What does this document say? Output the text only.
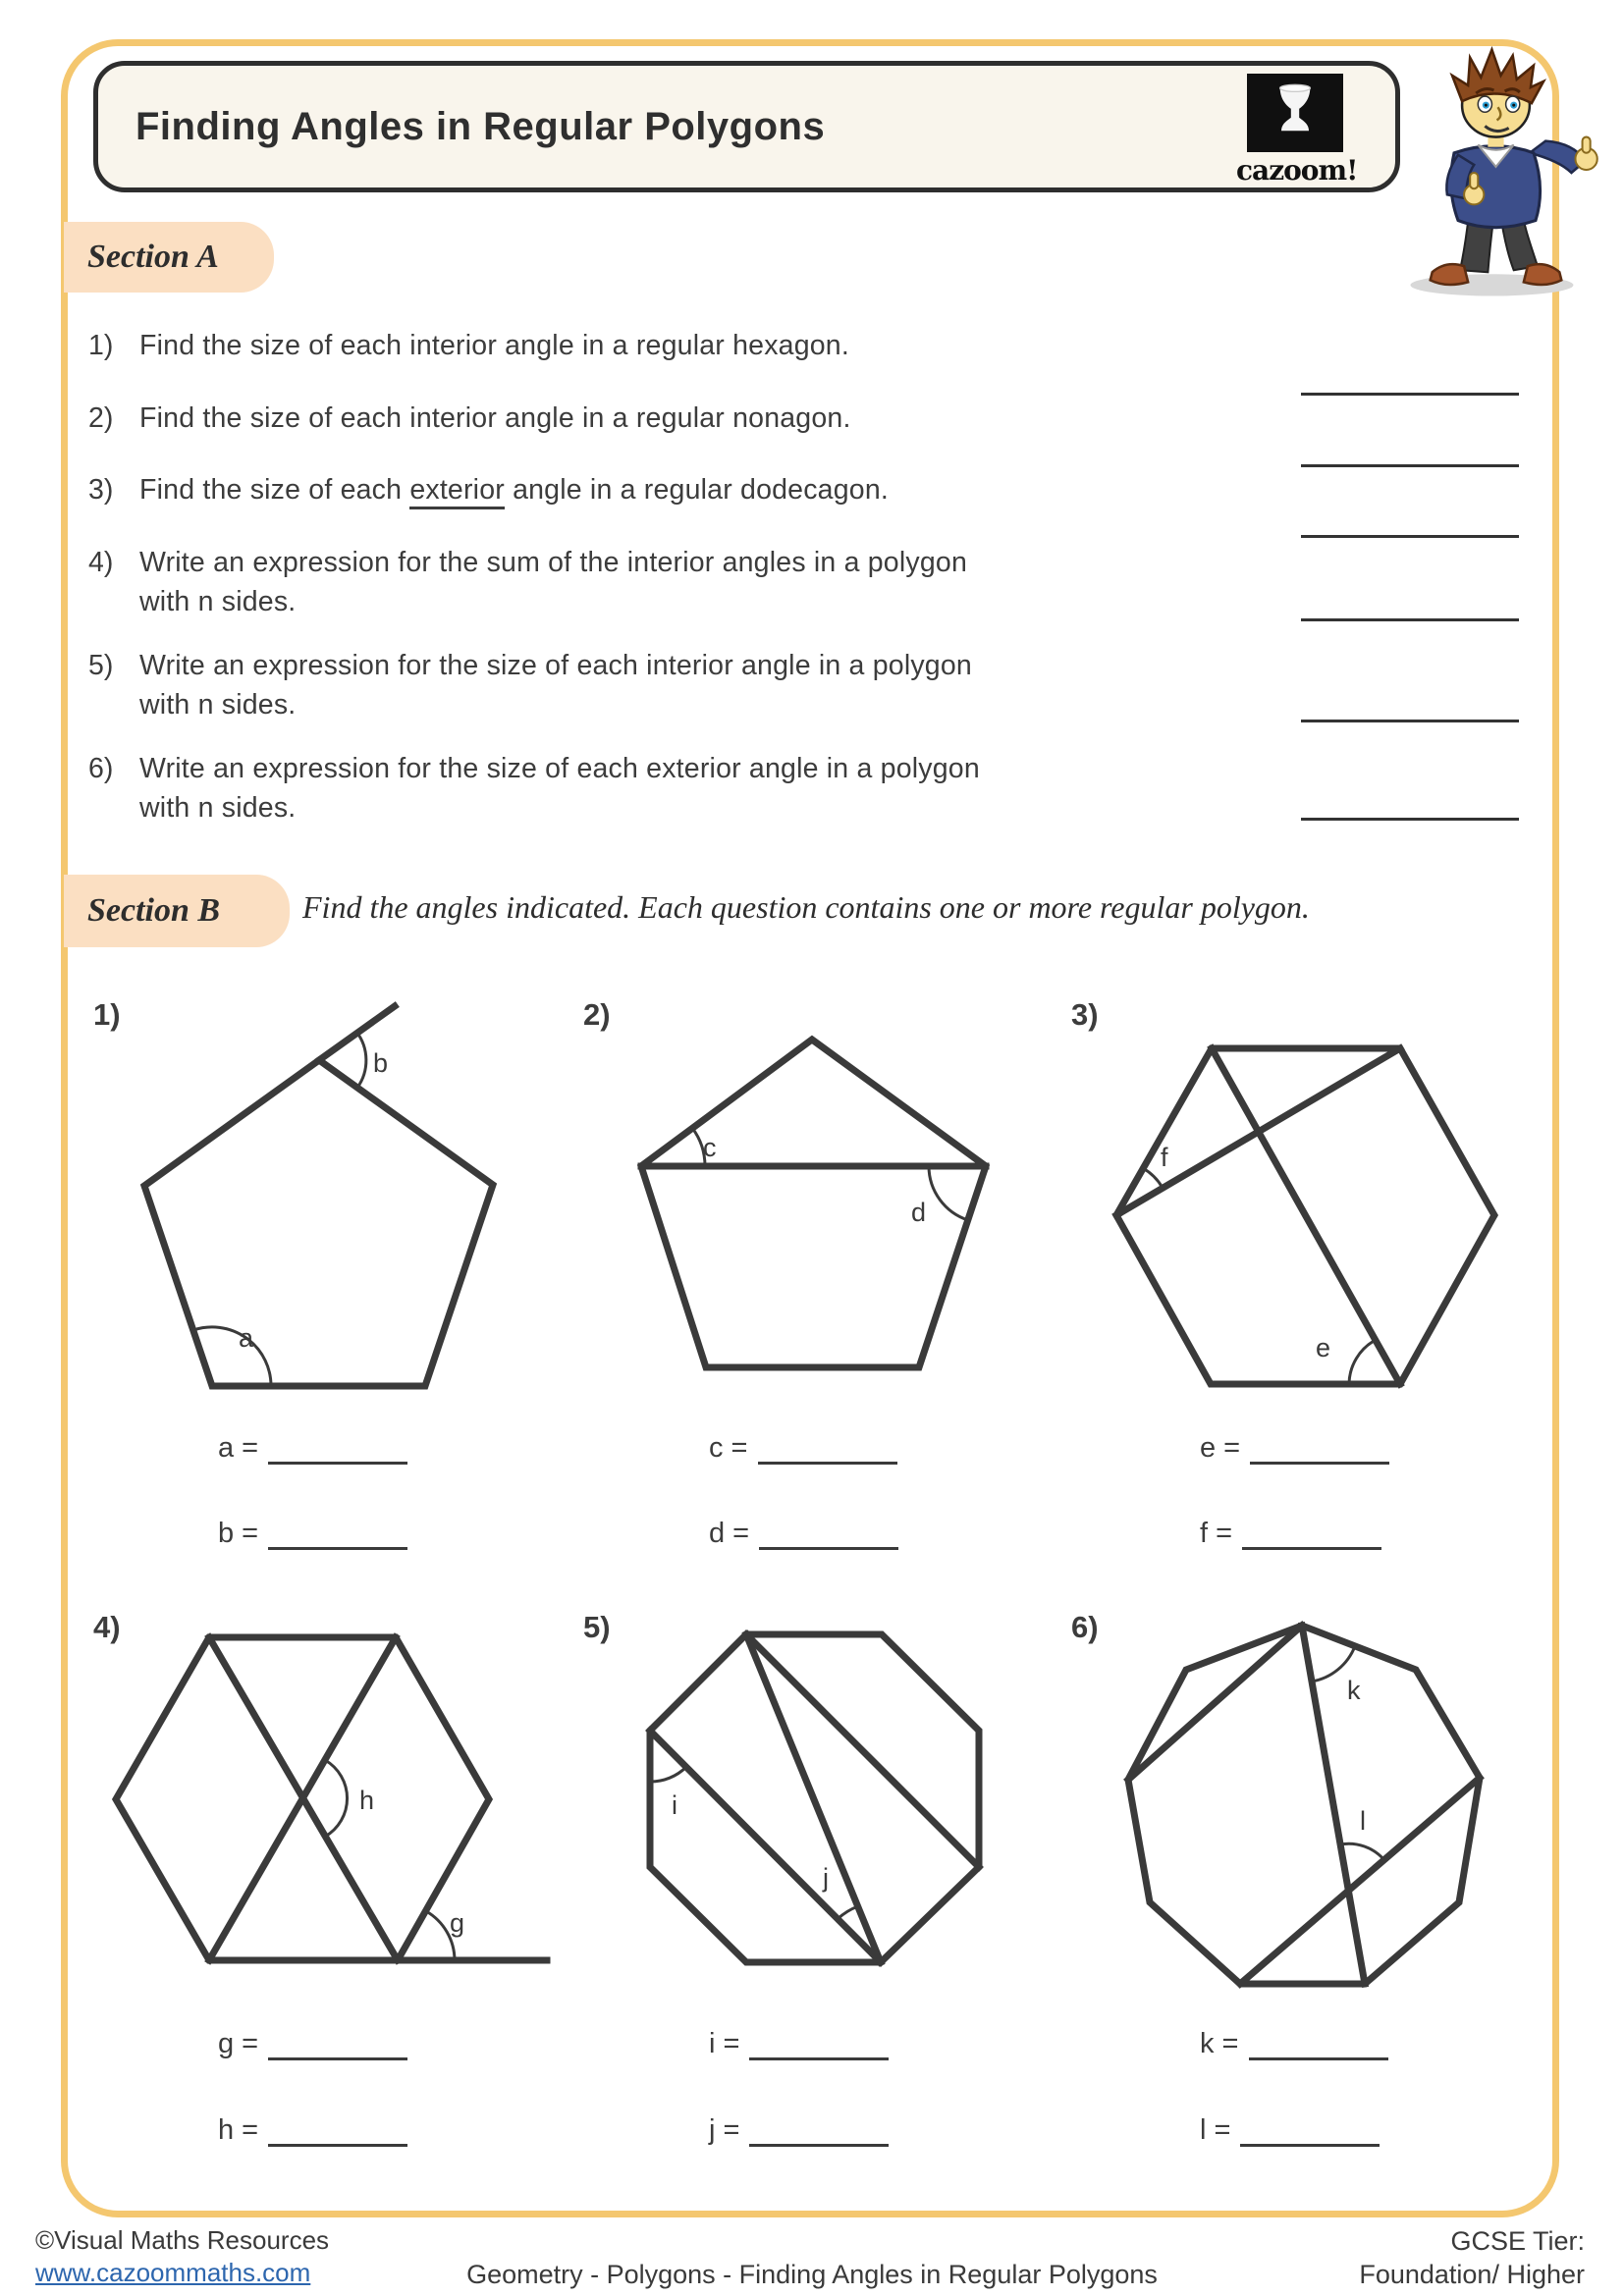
Finding Angles in Regular Polygons
cazoom!
Section A
1) Find the size of each interior angle in a regular hexagon.
2) Find the size of each interior angle in a regular nonagon.
3) Find the size of each exterior angle in a regular dodecagon.
4) Write an expression for the sum of the interior angles in a polygon
with n sides.
5) Write an expression for the size of each interior angle in a polygon
with n sides.
6) Write an expression for the size of each exterior angle in a polygon
with n sides.
Section B	Find the angles indicated. Each question contains one or more regular polygon.
1)	2)	3)
4)	5)	6)
b
a
c
d
f
e
h
g
i
j
k
l
a =
b =
c =
d =
e =
f =
g =
h =
i =
j =
k =
l =
©Visual Maths Resources
www.cazoommaths.com	Geometry - Polygons - Finding Angles in Regular Polygons
GCSE Tier:
Foundation/ Higher
